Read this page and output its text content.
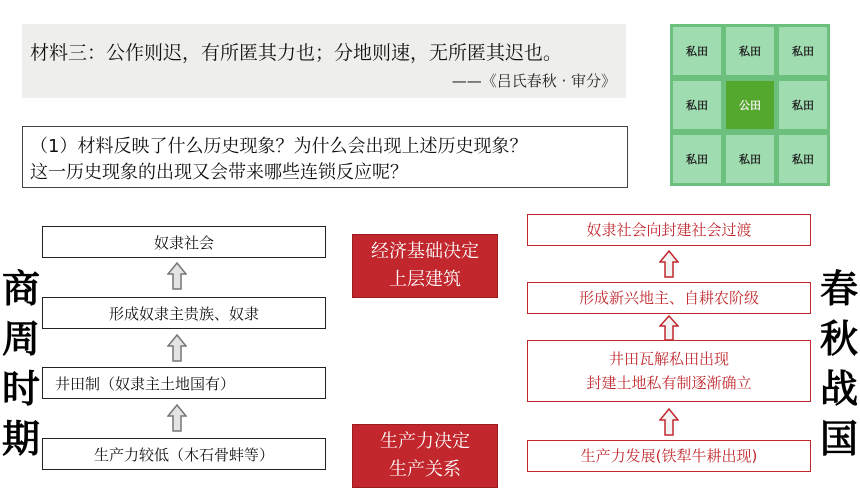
材料三：公作则迟，有所匿其力也；分地则速，无所匿其迟也。
——《吕氏春秋 · 审分》
（1）材料反映了什么历史现象？为什么会出现上述历史现象？
这一历史现象的出现又会带来哪些连锁反应呢？
私田	私田	私田
私田	公田	私田
私田	私田	私田
商
周
时
期
春
秋
战
国
奴隶社会
形成奴隶主贵族、奴隶
井田制（奴隶主土地国有）
生产力较低（木石骨蚌等）
经济基础决定
上层建筑
生产力决定
生产关系
奴隶社会向封建社会过渡
形成新兴地主、自耕农阶级
井田瓦解私田出现
封建土地私有制逐渐确立
生产力发展(铁犁牛耕出现)
